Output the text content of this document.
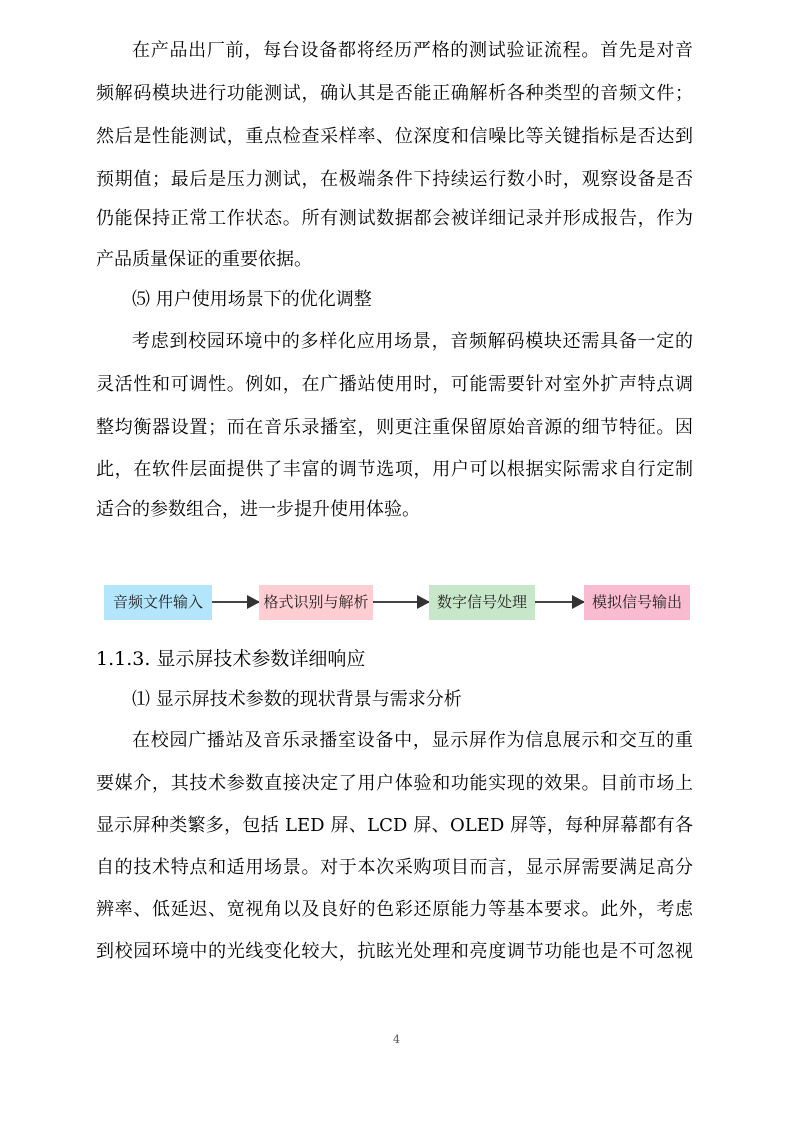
在产品出厂前，每台设备都将经历严格的测试验证流程。首先是对音
频解码模块进行功能测试，确认其是否能正确解析各种类型的音频文件；
然后是性能测试，重点检查采样率、位深度和信噪比等关键指标是否达到
预期值；最后是压力测试，在极端条件下持续运行数小时，观察设备是否
仍能保持正常工作状态。所有测试数据都会被详细记录并形成报告，作为
产品质量保证的重要依据。
⑸ 用户使用场景下的优化调整
考虑到校园环境中的多样化应用场景，音频解码模块还需具备一定的
灵活性和可调性。例如，在广播站使用时，可能需要针对室外扩声特点调
整均衡器设置；而在音乐录播室，则更注重保留原始音源的细节特征。因
此，在软件层面提供了丰富的调节选项，用户可以根据实际需求自行定制
适合的参数组合，进一步提升使用体验。
音频文件输入	格式识别与解析	数字信号处理	模拟信号输出
1.1.3. 显示屏技术参数详细响应
⑴ 显示屏技术参数的现状背景与需求分析
在校园广播站及音乐录播室设备中，显示屏作为信息展示和交互的重
要媒介，其技术参数直接决定了用户体验和功能实现的效果。目前市场上
显示屏种类繁多，包括 LED 屏、LCD 屏、OLED 屏等，每种屏幕都有各
自的技术特点和适用场景。对于本次采购项目而言，显示屏需要满足高分
辨率、低延迟、宽视角以及良好的色彩还原能力等基本要求。此外，考虑
到校园环境中的光线变化较大，抗眩光处理和亮度调节功能也是不可忽视
4
